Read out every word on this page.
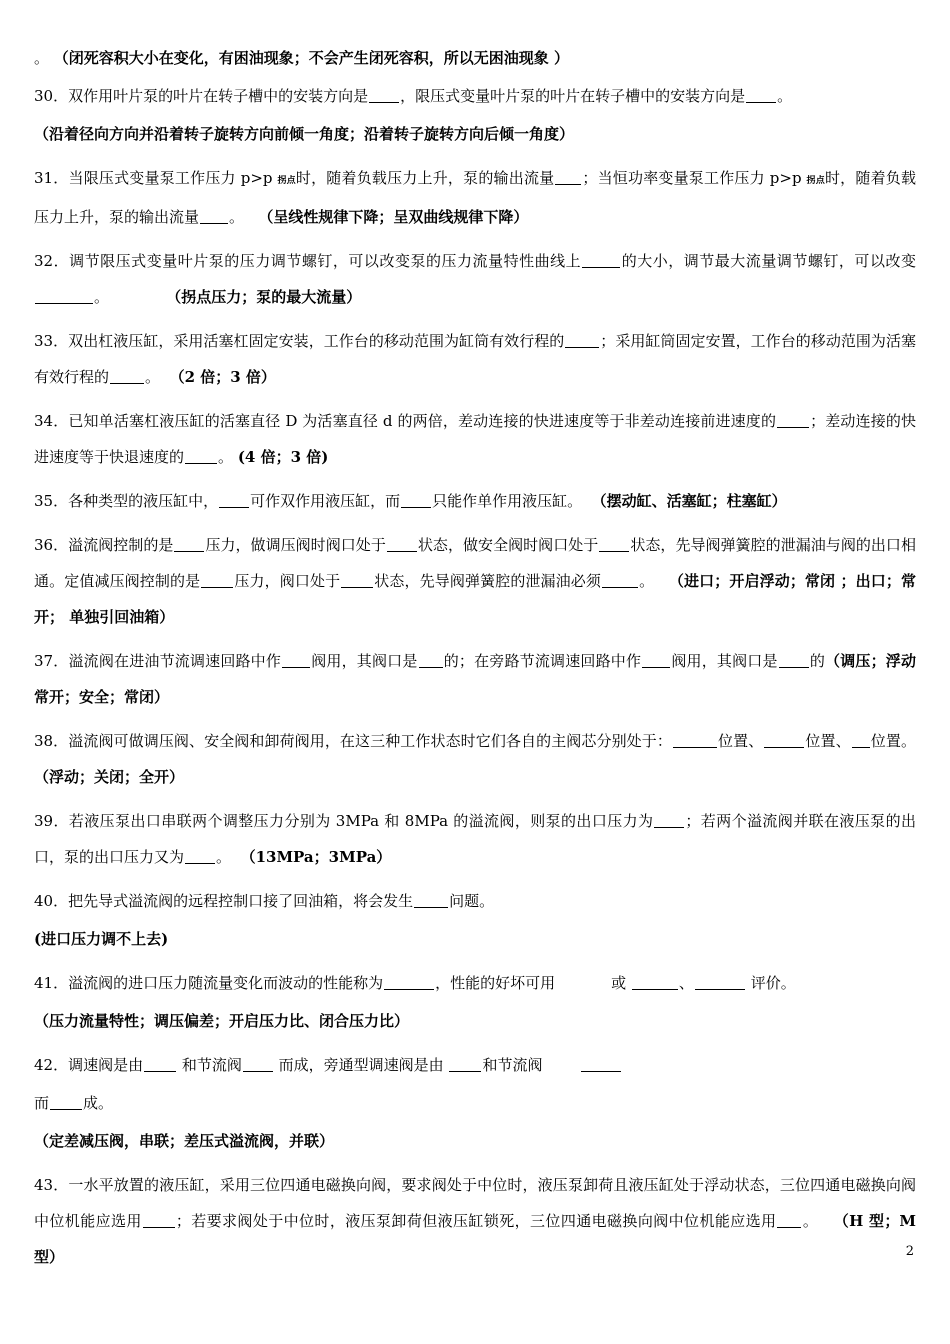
。 （闭死容积大小在变化，有困油现象；不会产生闭死容积，所以无困油现象 ）

30．双作用叶片泵的叶片在转子槽中的安装方向是 ，限压式变量叶片泵的叶片在转子槽中的安装方向是 。

（沿着径向方向并沿着转子旋转方向前倾一角度；沿着转子旋转方向后倾一角度）

31．当限压式变量泵工作压力 p>p 拐点时，随着负载压力上升，泵的输出流量 ；当恒功率变量泵工作压力 p>p 拐点时，随着负载压力上升，泵的输出流量 。 （呈线性规律下降；呈双曲线规律下降）

32．调节限压式变量叶片泵的压力调节螺钉，可以改变泵的压力流量特性曲线上	的大小，调节最大流量调节螺钉，可以改变。	（拐点压力；泵的最大流量）

33．双出杠液压缸，采用活塞杠固定安装，工作台的移动范围为缸筒有效行程的 ；采用缸筒固定安置，工作台的移动范围为活塞有效行程的 。 （2 倍；3 倍）

34．已知单活塞杠液压缸的活塞直径 D 为活塞直径 d 的两倍，差动连接的快进速度等于非差动连接前进速度的 ；差动连接的快进速度等于快退速度的 。 (4 倍；3 倍)

35．各种类型的液压缸中， 可作双作用液压缸，而 只能作单作用液压缸。 （摆动缸、活塞缸；柱塞缸）

36．溢流阀控制的是 压力，做调压阀时阀口处于 状态，做安全阀时阀口处于 状态，先导阀弹簧腔的泄漏油与阀的出口相通。定值减压阀控制的是 压力，阀口处于 状态，先导阀弹簧腔的泄漏油必须	。 （进口；开启浮动；常闭 ；出口；常开； 单独引回油箱）

37．溢流阀在进油节流调速回路中作 阀用，其阀口是 的；在旁路节流调速回路中作 阀用，其阀口是 的（调压；浮动常开；安全；常闭）

38．溢流阀可做调压阀、安全阀和卸荷阀用，在这三种工作状态时它们各自的主阀芯分别处于：	位置、	位置、 位置。（浮动；关闭；全开）

39．若液压泵出口串联两个调整压力分别为 3MPa 和 8MPa 的溢流阀，则泵的出口压力为 ；若两个溢流阀并联在液压泵的出口，泵的出口压力又为 。 （13MPa；3MPa）

40．把先导式溢流阀的远程控制口接了回油箱，将会发生 问题。

(进口压力调不上去)

41．溢流阀的进口压力随流量变化而波动的性能称为	，性能的好坏可用	或	、	评价。

（压力流量特性；调压偏差；开启压力比、闭合压力比）

42．调速阀是由	和节流阀 而成，旁通型调速阀是由	和节流阀

而 成。

（定差减压阀，串联；差压式溢流阀，并联）

43．一水平放置的液压缸，采用三位四通电磁换向阀，要求阀处于中位时，液压泵卸荷且液压缸处于浮动状态，三位四通电磁换向阀中位机能应选用 ；若要求阀处于中位时，液压泵卸荷但液压缸锁死，三位四通电磁换向阀中位机能应选用 。 （H 型；M 型）	2
